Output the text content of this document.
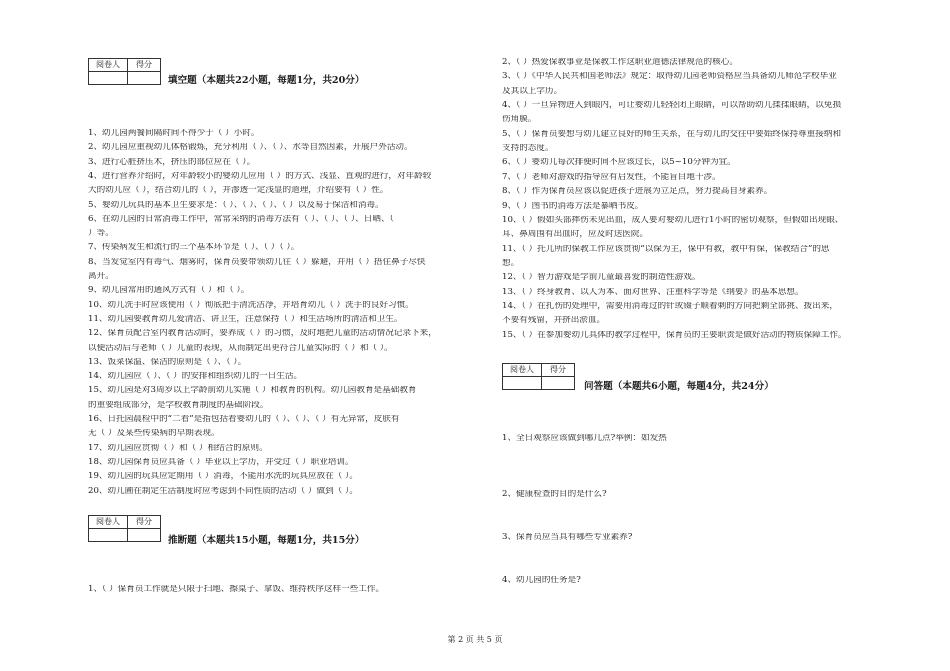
阅卷人	得分

填空题（本题共22小题，每题1分，共20分）
1、幼儿园两餐间隔时间不得少于（ ）小时。
2、幼儿园应重视幼儿体格锻炼，充分利用（ ）、（ ）、水等自然因素，开展户外活动。
3、进行心脏挤压术，挤压的部位应在（ ）。
4、进行营养介绍时，对年龄较小的婴幼儿应用（ ）的方式、浅显、直观的进行，对年龄较
大的幼儿应（ ），结合幼儿的（ ），并渗透一定浅显的道理，介绍要有（ ）性。
5、婴幼儿玩具的基本卫生要求是：（ ）、（ ）、（ ）、（ ）以及易于保洁和消毒。
6、在幼儿园的日常消毒工作中，常常采纳的消毒方法有（ ）、（ ）、（ ）、日晒、（
）等。
7、传染病发生和流行的三个基本环节是（ ）、（ ）（ ）。
8、当发觉室内有毒气、烟雾时，保育员要带领幼儿往（ ）躲避，并用（ ）捂住鼻子尽快
离开。
9、幼儿园常用的通风方式有（ ）和（ ）。
10、幼儿洗手时应该使用（ ）彻底把手清洗洁净，并培育幼儿（ ）洗手的良好习惯。
11、幼儿园要教育幼儿爱清洁、讲卫生，注意保持（ ）和生活场所的清洁和卫生。
12、保育员配合室内教育活动时，要养成（ ）的习惯，及时地把儿童的活动情况记录下来，
以便活动后与老师（ ）儿童的表现，从而制定出更符合儿童实际的（ ）和（ ）。
13、饭菜保温、保洁的原则是（ ）、（ ）。
14、幼儿园应（ ）、（ ）的安排和组织幼儿的一日生活。
15、幼儿园是对3周岁以上学龄前幼儿实施（ ）和教育的机构。幼儿园教育是基础教育
的重要组成部分，是学校教育制度的基础阶段。
16、日托园晨检中的“二看”是指包括看婴幼儿的（ ）、（ ）、（ ）有无异常，皮肤有
无（ ）及某些传染病的早期表现。
17、幼儿园应贯彻（ ）和（ ）相结合的原则。
18、幼儿园保育员应具备（ ）毕业以上学历，并受过（ ）职业培训。
19、幼儿园的玩具应定期用（ ）消毒，不能用水洗的玩具应放在（ ）。
20、幼儿圃在制定生活制度时应考虑到不同性质的活动（ ）做到（ ）。
阅卷人	得分

推断题（本题共15小题，每题1分，共15分）
1、（ ）保育员工作就是只限于扫地、擦桌子、拿饭、维持秩序这样一些工作。
2、（ ）热爱保教事业是保教工作这职业道德法律规范的核心。
3、（ ）《中华人民共和国老师法》规定：取得幼儿园老师资格应当具备幼儿师范学校毕业
及其以上学历。
4、（ ）一旦异物进入到眼内，可让婴幼儿轻轻闭上眼睛，可以帮助幼儿揉揉眼睛，以免损
伤角膜。
5、（ ）保育员要想与幼儿建立良好的师生关系，在与幼儿的交往中要始终保持尊重接纳和
支持的态度。
6、（ ）婴幼儿每次排便时间不应该过长，以5~10分钟为宜。
7、（ ）老师对游戏的指导应有启发性，不能盲目地干涉。
8、（ ）作为保育员应该以促进孩子进展为立足点，努力提高自身素养。
9、（ ）图书的消毒方法是暴晒书皮。
10、（ ）假如头部摔伤未见出血，成人要对婴幼儿进行1小时的密切观察，但假如出现眼、
耳、鼻周围有出血时，应及时送医院。
11、（ ）托儿所的保教工作应该贯彻“以保为主，保中有教，教中有保，保教结合”的思
想。
12、（ ）智力游戏是学前儿童最喜爱的制造性游戏。
13、（ ）终身教育、以人为本、面对世界、注重科学等是《纲要》的基本思想。
14、（ ）在扎伤的处理中，需要用消毒过的针或镊子顺着刺的方向把剩全部挑、拨出来，
不要有残留，并挤出淤血。
15、（ ）在参加婴幼儿具体的教学过程中，保育员的主要职责是做好活动的物质保障工作。
阅卷人	得分

问答题（本题共6小题，每题4分，共24分）
1、全日观察应该做到哪几点?举例：如发热
2、健康检查的目的是什么?
3、保育员应当具有哪些专业素养?
4、幼儿园的任务是?
第 2 页 共 5 页
